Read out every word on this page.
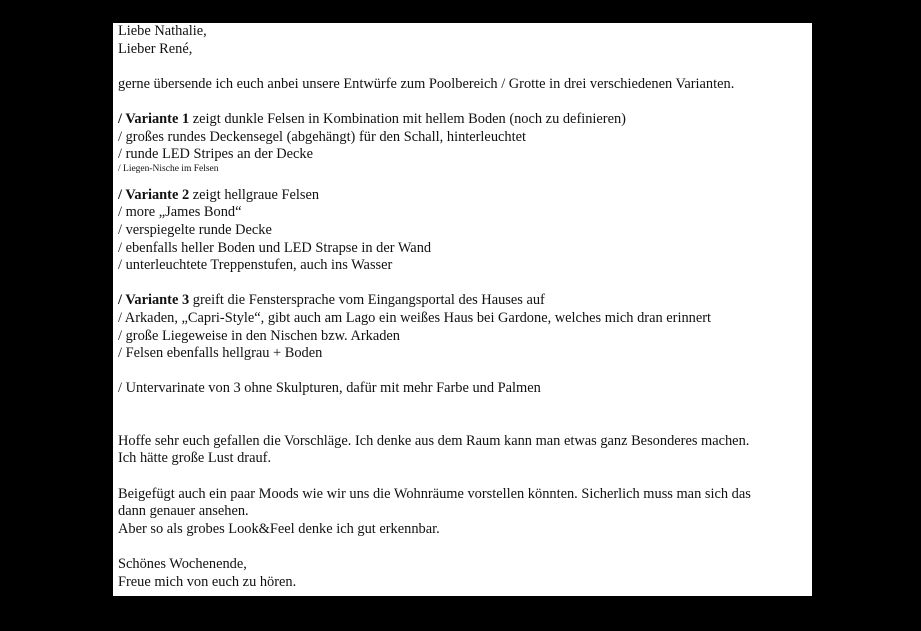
Liebe Nathalie,
Lieber René,
gerne übersende ich euch anbei unsere Entwürfe zum Poolbereich / Grotte in drei verschiedenen Varianten.
/ Variante 1 zeigt dunkle Felsen in Kombination mit hellem Boden (noch zu definieren)
/ großes rundes Deckensegel (abgehängt) für den Schall, hinterleuchtet
/ runde LED Stripes an der Decke
/ Liegen-Nische im Felsen
/ Variante 2 zeigt hellgraue Felsen
/ more „James Bond“
/ verspiegelte runde Decke
/ ebenfalls heller Boden und LED Strapse in der Wand
/ unterleuchtete Treppenstufen, auch ins Wasser
/ Variante 3 greift die Fenstersprache vom Eingangsportal des Hauses auf
/ Arkaden, „Capri-Style“, gibt auch am Lago ein weißes Haus bei Gardone, welches mich dran erinnert
/ große Liegeweise in den Nischen bzw. Arkaden
/ Felsen ebenfalls hellgrau + Boden
/ Untervarinate von 3 ohne Skulpturen, dafür mit mehr Farbe und Palmen
Hoffe sehr euch gefallen die Vorschläge. Ich denke aus dem Raum kann man etwas ganz Besonderes machen.
Ich hätte große Lust drauf.
Beigefügt auch ein paar Moods wie wir uns die Wohnräume vorstellen könnten. Sicherlich muss man sich das
dann genauer ansehen.
Aber so als grobes Look&Feel denke ich gut erkennbar.
Schönes Wochenende,
Freue mich von euch zu hören.
